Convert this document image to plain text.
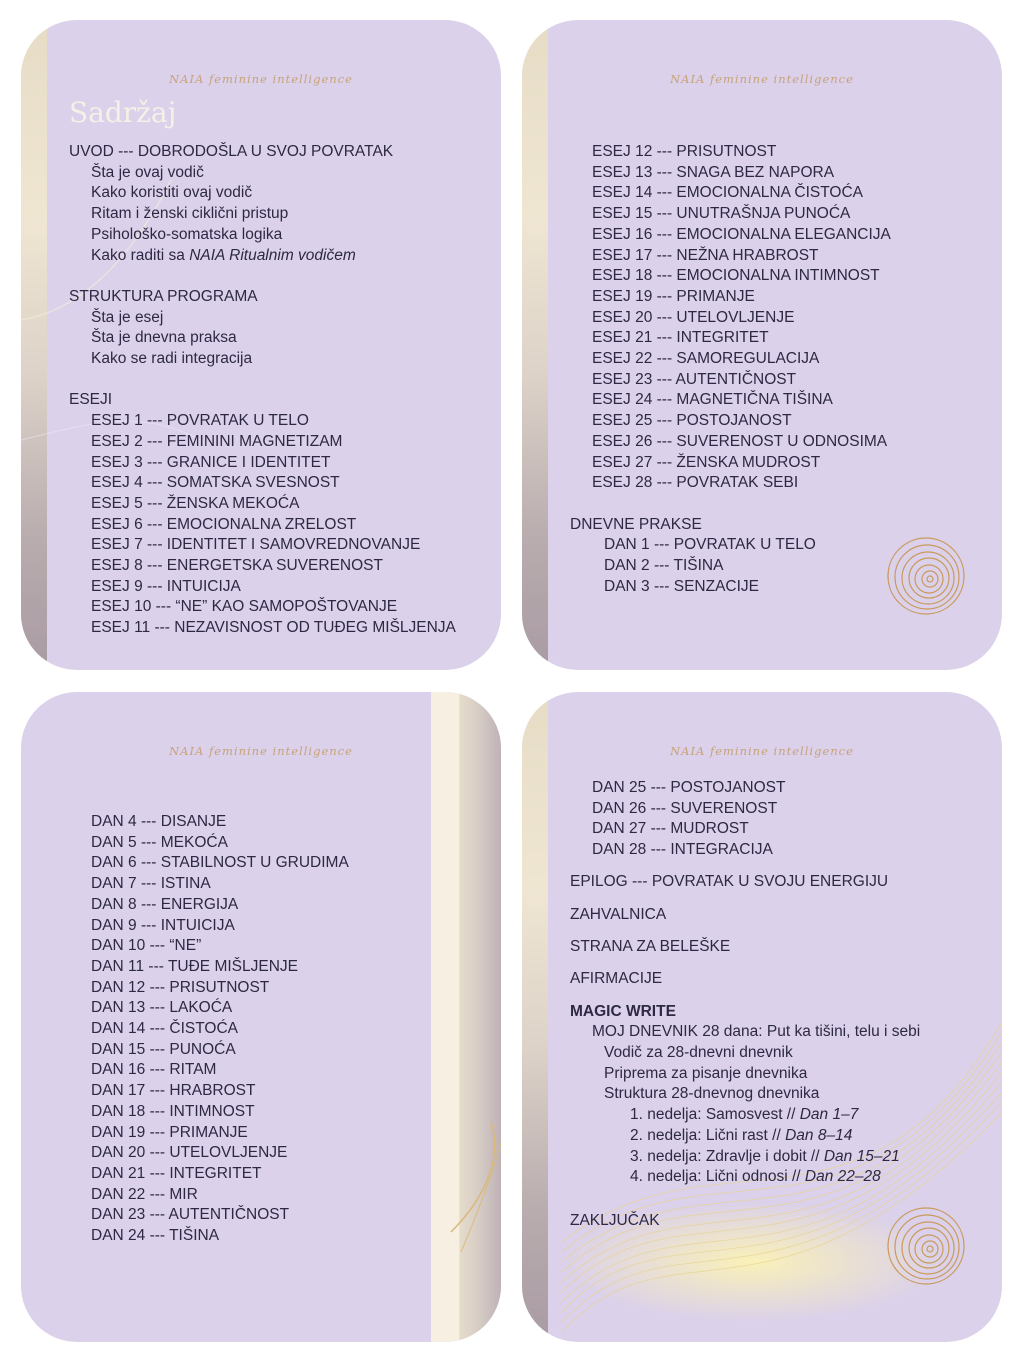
NAIA feminine intelligence
Sadržaj
UVOD --- DOBRODOŠLA U SVOJ POVRATAK
Šta je ovaj vodič
Kako koristiti ovaj vodič
Ritam i ženski ciklični pristup
Psihološko-somatska logika
Kako raditi sa NAIA Ritualnim vodičem
STRUKTURA PROGRAMA
Šta je esej
Šta je dnevna praksa
Kako se radi integracija
ESEJI
ESEJ 1 --- POVRATAK U TELO
ESEJ 2 --- FEMININI MAGNETIZAM
ESEJ 3 --- GRANICE I IDENTITET
ESEJ 4 --- SOMATSKA SVESNOST
ESEJ 5 --- ŽENSKA MEKOĆA
ESEJ 6 --- EMOCIONALNA ZRELOST
ESEJ 7 --- IDENTITET I SAMOVREDNOVANJE
ESEJ 8 --- ENERGETSKA SUVERENOST
ESEJ 9 --- INTUICIJA
ESEJ 10 --- “NE” KAO SAMOPOŠTOVANJE
ESEJ 11 --- NEZAVISNOST OD TUĐEG MIŠLJENJA
NAIA feminine intelligence
ESEJ 12 --- PRISUTNOST
ESEJ 13 --- SNAGA BEZ NAPORA
ESEJ 14 --- EMOCIONALNA ČISTOĆA
ESEJ 15 --- UNUTRAŠNJA PUNOĆA
ESEJ 16 --- EMOCIONALNA ELEGANCIJA
ESEJ 17 --- NEŽNA HRABROST
ESEJ 18 --- EMOCIONALNA INTIMNOST
ESEJ 19 --- PRIMANJE
ESEJ 20 --- UTELOVLJENJE
ESEJ 21 --- INTEGRITET
ESEJ 22 --- SAMOREGULACIJA
ESEJ 23 --- AUTENTIČNOST
ESEJ 24 --- MAGNETIČNA TIŠINA
ESEJ 25 --- POSTOJANOST
ESEJ 26 --- SUVERENOST U ODNOSIMA
ESEJ 27 --- ŽENSKA MUDROST
ESEJ 28 --- POVRATAK SEBI
DNEVNE PRAKSE
DAN 1 --- POVRATAK U TELO
DAN 2 --- TIŠINA
DAN 3 --- SENZACIJE
NAIA feminine intelligence
DAN 4 --- DISANJE
DAN 5 --- MEKOĆA
DAN 6 --- STABILNOST U GRUDIMA
DAN 7 --- ISTINA
DAN 8 --- ENERGIJA
DAN 9 --- INTUICIJA
DAN 10 --- “NE”
DAN 11 --- TUĐE MIŠLJENJE
DAN 12 --- PRISUTNOST
DAN 13 --- LAKOĆA
DAN 14 --- ČISTOĆA
DAN 15 --- PUNOĆA
DAN 16 --- RITAM
DAN 17 --- HRABROST
DAN 18 --- INTIMNOST
DAN 19 --- PRIMANJE
DAN 20 --- UTELOVLJENJE
DAN 21 --- INTEGRITET
DAN 22 --- MIR
DAN 23 --- AUTENTIČNOST
DAN 24 --- TIŠINA
NAIA feminine intelligence
DAN 25 --- POSTOJANOST
DAN 26 --- SUVERENOST
DAN 27 --- MUDROST
DAN 28 --- INTEGRACIJA
EPILOG --- POVRATAK U SVOJU ENERGIJU
ZAHVALNICA
STRANA ZA BELEŠKE
AFIRMACIJE
MAGIC WRITE
MOJ DNEVNIK 28 dana: Put ka tišini, telu i sebi
Vodič za 28-dnevni dnevnik
Priprema za pisanje dnevnika
Struktura 28-dnevnog dnevnika
1. nedelja: Samosvest // Dan 1–7
2. nedelja: Lični rast // Dan 8–14
3. nedelja: Zdravlje i dobit // Dan 15–21
4. nedelja: Lični odnosi // Dan 22–28
ZAKLJUČAK
